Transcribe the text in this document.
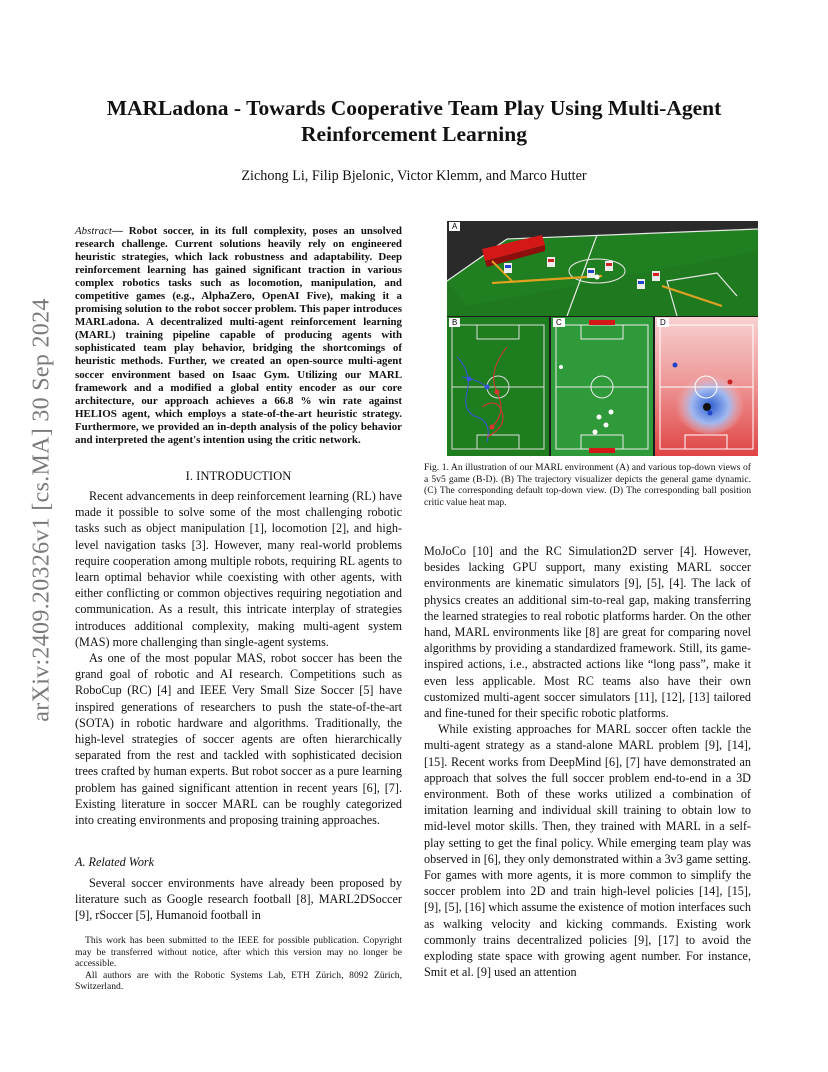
arXiv:2409.20326v1 [cs.MA] 30 Sep 2024
MARLadona - Towards Cooperative Team Play Using Multi-Agent
Reinforcement Learning
Zichong Li, Filip Bjelonic, Victor Klemm, and Marco Hutter
Abstract— Robot soccer, in its full complexity, poses an unsolved research challenge. Current solutions heavily rely on engineered heuristic strategies, which lack robustness and adaptability. Deep reinforcement learning has gained significant traction in various complex robotics tasks such as locomotion, manipulation, and competitive games (e.g., AlphaZero, OpenAI Five), making it a promising solution to the robot soccer problem. This paper introduces MARLadona. A decentralized multi-agent reinforcement learning (MARL) training pipeline capable of producing agents with sophisticated team play behavior, bridging the shortcomings of heuristic methods. Further, we created an open-source multi-agent soccer environment based on Isaac Gym. Utilizing our MARL framework and a modified a global entity encoder as our core architecture, our approach achieves a 66.8 % win rate against HELIOS agent, which employs a state-of-the-art heuristic strategy. Furthermore, we provided an in-depth analysis of the policy behavior and interpreted the agent's intention using the critic network.
I. INTRODUCTION

Recent advancements in deep reinforcement learning (RL) have made it possible to solve some of the most challenging robotic tasks such as object manipulation [1], locomotion [2], and high-level navigation tasks [3]. However, many real-world problems require cooperation among multiple robots, requiring RL agents to learn optimal behavior while coexisting with other agents, with either conflicting or common objectives requiring negotiation and communication. As a result, this intricate interplay of strategies introduces additional complexity, making multi-agent system (MAS) more challenging than single-agent systems.

As one of the most popular MAS, robot soccer has been the grand goal of robotic and AI research. Competitions such as RoboCup (RC) [4] and IEEE Very Small Size Soccer [5] have inspired generations of researchers to push the state-of-the-art (SOTA) in robotic hardware and algorithms. Traditionally, the high-level strategies of soccer agents are often hierarchically separated from the rest and tackled with sophisticated decision trees crafted by human experts. But robot soccer as a pure learning problem has gained significant attention in recent years [6], [7]. Existing literature in soccer MARL can be roughly categorized into creating environments and proposing training approaches.

A. Related Work

Several soccer environments have already been proposed by literature such as Google research football [8], MARL2DSoccer [9], rSoccer [5], Humanoid football in

This work has been submitted to the IEEE for possible publication. Copyright may be transferred without notice, after which this version may no longer be accessible.

All authors are with the Robotic Systems Lab, ETH Zürich, 8092 Zürich, Switzerland.

A
B	C	D
Fig. 1. An illustration of our MARL environment (A) and various top-down views of a 5v5 game (B-D). (B) The trajectory visualizer depicts the general game dynamic. (C) The corresponding default top-down view. (D) The corresponding ball position critic value heat map.

MoJoCo [10] and the RC Simulation2D server [4]. However, besides lacking GPU support, many existing MARL soccer environments are kinematic simulators [9], [5], [4]. The lack of physics creates an additional sim-to-real gap, making transferring the learned strategies to real robotic platforms harder. On the other hand, MARL environments like [8] are great for comparing novel algorithms by providing a standardized framework. Still, its game-inspired actions, i.e., abstracted actions like “long pass”, make it even less applicable. Most RC teams also have their own customized multi-agent soccer simulators [11], [12], [13] tailored and fine-tuned for their specific robotic platforms.

While existing approaches for MARL soccer often tackle the multi-agent strategy as a stand-alone MARL problem [9], [14], [15]. Recent works from DeepMind [6], [7] have demonstrated an approach that solves the full soccer problem end-to-end in a 3D environment. Both of these works utilized a combination of imitation learning and individual skill training to obtain low to mid-level motor skills. Then, they trained with MARL in a self-play setting to get the final policy. While emerging team play was observed in [6], they only demonstrated within a 3v3 game setting. For games with more agents, it is more common to simplify the soccer problem into 2D and train high-level policies [14], [15], [9], [5], [16] which assume the existence of motion interfaces such as walking velocity and kicking commands. Existing work commonly trains decentralized policies [9], [17] to avoid the exploding state space with growing agent number. For instance, Smit et al. [9] used an attention
